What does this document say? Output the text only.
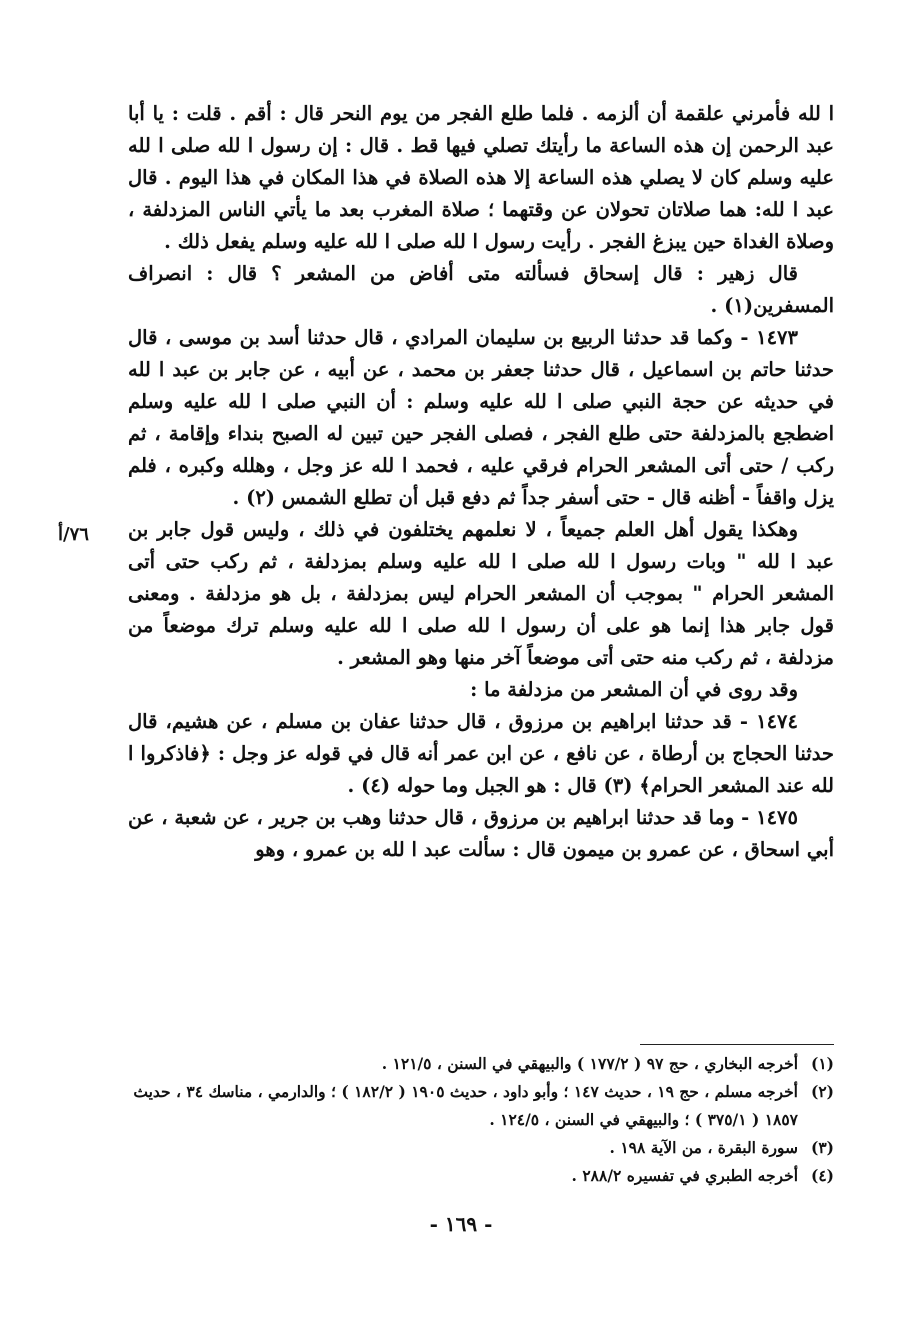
ا لله فأمرني علقمة أن ألزمه . فلما طلع الفجر من يوم النحر قال : أقم . قلت : يا أبا عبد الرحمن إن هذه الساعة ما رأيتك تصلي فيها قط . قال : إن رسول ا لله صلى ا لله عليه وسلم كان لا يصلي هذه الساعة إلا هذه الصلاة في هذا المكان في هذا اليوم . قال عبد ا لله: هما صلاتان تحولان عن وقتهما ؛ صلاة المغرب بعد ما يأتي الناس المزدلفة ، وصلاة الغداة حين يبزغ الفجر . رأيت رسول ا لله صلى ا لله عليه وسلم يفعل ذلك .

قال زهير : قال إسحاق فسألته متى أفاض من المشعر ؟ قال : انصراف المسفرين(١) .

١٤٧٣ - وكما قد حدثنا الربيع بن سليمان المرادي ، قال حدثنا أسد بن موسى ، قال حدثنا حاتم بن اسماعيل ، قال حدثنا جعفر بن محمد ، عن أبيه ، عن جابر بن عبد ا لله في حديثه عن حجة النبي صلى ا لله عليه وسلم : أن النبي صلى ا لله عليه وسلم اضطجع بالمزدلفة حتى طلع الفجر ، فصلى الفجر حين تبين له الصبح بنداء وإقامة ، ثم ركب / حتى أتى المشعر الحرام فرقي عليه ، فحمد ا لله عز وجل ، وهلله وكبره ، فلم يزل واقفاً - أظنه قال - حتى أسفر جداً ثم دفع قبل أن تطلع الشمس (٢) .

وهكذا يقول أهل العلم جميعاً ، لا نعلمهم يختلفون في ذلك ، وليس قول جابر بن عبد ا لله " وبات رسول ا لله صلى ا لله عليه وسلم بمزدلفة ، ثم ركب حتى أتى المشعر الحرام " بموجب أن المشعر الحرام ليس بمزدلفة ، بل هو مزدلفة . ومعنى قول جابر هذا إنما هو على أن رسول ا لله صلى ا لله عليه وسلم ترك موضعاً من مزدلفة ، ثم ركب منه حتى أتى موضعاً آخر منها وهو المشعر .

وقد روى في أن المشعر من مزدلفة ما :

١٤٧٤ - قد حدثنا ابراهيم بن مرزوق ، قال حدثنا عفان بن مسلم ، عن هشيم، قال حدثنا الحجاج بن أرطاة ، عن نافع ، عن ابن عمر أنه قال في قوله عز وجل : ﴿فاذكروا ا لله عند المشعر الحرام﴾ (٣) قال : هو الجبل وما حوله (٤) .

١٤٧٥ - وما قد حدثنا ابراهيم بن مرزوق ، قال حدثنا وهب بن جرير ، عن شعبة ، عن أبي اسحاق ، عن عمرو بن ميمون قال : سألت عبد ا لله بن عمرو ، وهو

٧٦/أ
(١)
أخرجه البخاري ، حج ٩٧ ( ١٧٧/٢ ) والبيهقي في السنن ، ١٢١/٥ .
(٢)
أخرجه مسلم ، حج ١٩ ، حديث ١٤٧ ؛ وأبو داود ، حديث ١٩٠٥ ( ١٨٢/٢ ) ؛ والدارمي ، مناسك ٣٤ ، حديث ١٨٥٧ ( ٣٧٥/١ ) ؛ والبيهقي في السنن ، ١٢٤/٥ .
(٣)
سورة البقرة ، من الآية ١٩٨ .
(٤)
أخرجه الطبري في تفسيره ٢٨٨/٢ .
- ١٦٩ -
